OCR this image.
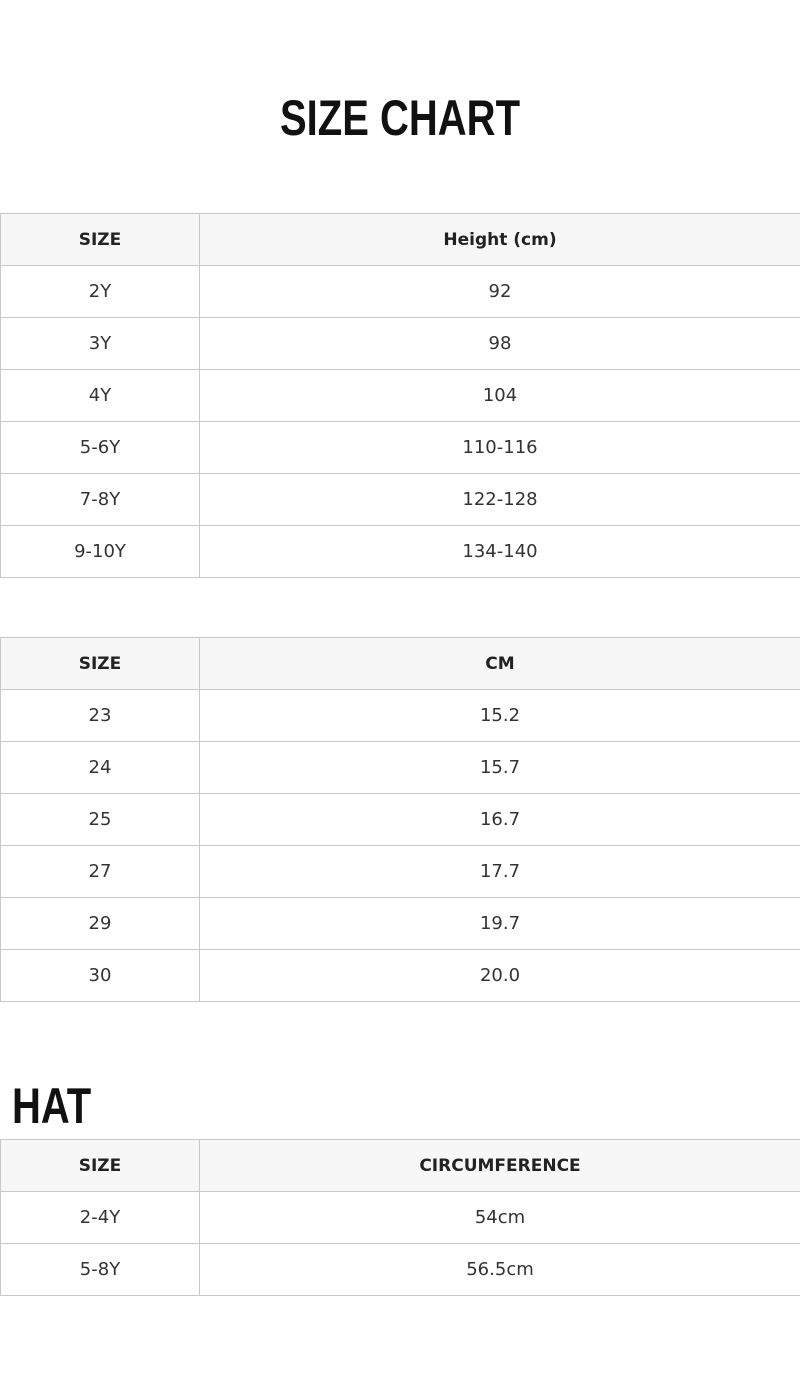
SIZE CHART
SIZE	Height (cm)
2Y	92
3Y	98
4Y	104
5-6Y	110-116
7-8Y	122-128
9-10Y	134-140
SIZE	CM
23	15.2
24	15.7
25	16.7
27	17.7
29	19.7
30	20.0
HAT
SIZE	CIRCUMFERENCE
2-4Y	54cm
5-8Y	56.5cm
